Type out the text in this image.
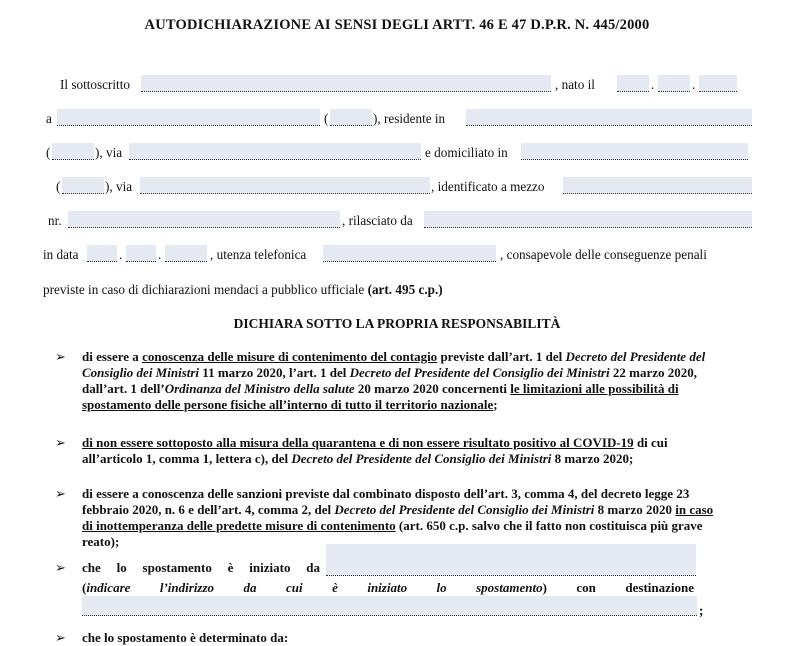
AUTODICHIARAZIONE AI SENSI DEGLI ARTT. 46 E 47 D.P.R. N. 445/2000
Il sottoscritto	, nato il	.	.
a	(	), residente in
(	), via	e domiciliato in
(	), via	, identificato a mezzo
nr.	, rilasciato da
in data	.	.	, utenza telefonica	, consapevole delle conseguenze penali
previste in caso di dichiarazioni mendaci a pubblico ufficiale (art. 495 c.p.)
DICHIARA SOTTO LA PROPRIA RESPONSABILITÀ
➢ di essere a conoscenza delle misure di contenimento del contagio previste dall’art. 1 del Decreto del Presidente del Consiglio dei Ministri 11 marzo 2020, l’art. 1 del Decreto del Presidente del Consiglio dei Ministri 22 marzo 2020, dall’art. 1 dell’Ordinanza del Ministro della salute 20 marzo 2020 concernenti le limitazioni alle possibilità di spostamento delle persone fisiche all’interno di tutto il territorio nazionale;
➢ di non essere sottoposto alla misura della quarantena e di non essere risultato positivo al COVID-19 di cui all’articolo 1, comma 1, lettera c), del Decreto del Presidente del Consiglio dei Ministri 8 marzo 2020;
➢ di essere a conoscenza delle sanzioni previste dal combinato disposto dell’art. 3, comma 4, del decreto legge 23 febbraio 2020, n. 6 e dell’art. 4, comma 2, del Decreto del Presidente del Consiglio dei Ministri 8 marzo 2020 in caso di inottemperanza delle predette misure di contenimento (art. 650 c.p. salvo che il fatto non costituisca più grave reato);
➢ che lo spostamento è iniziato da
(indicare l’indirizzo da cui è iniziato lo spostamento) con destinazione
;
➢ che lo spostamento è determinato da:
